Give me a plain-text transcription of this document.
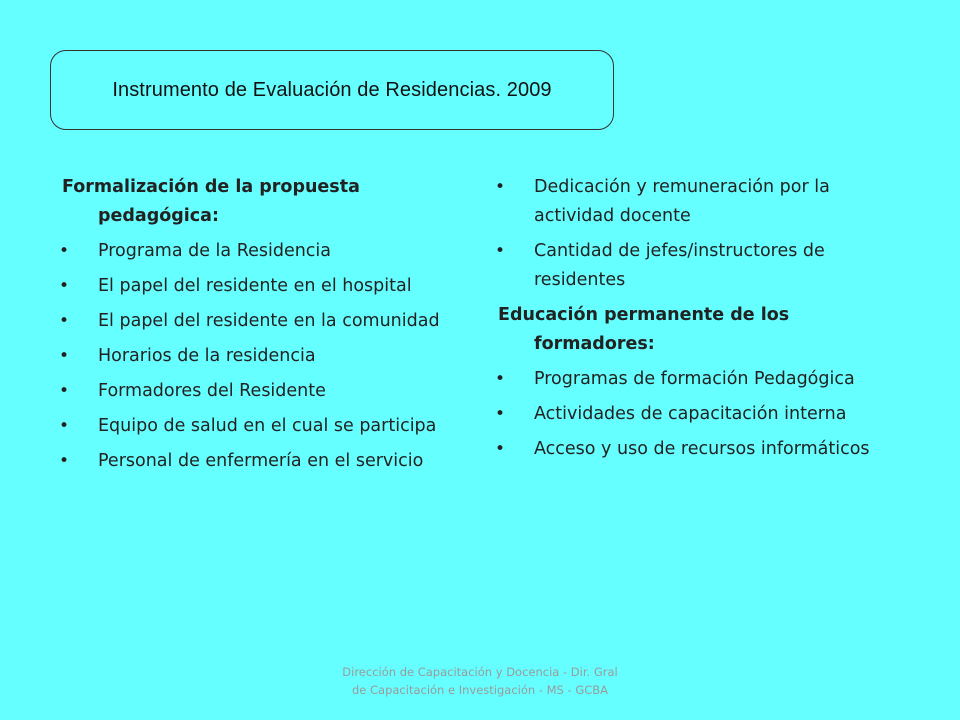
Instrumento de Evaluación de Residencias. 2009
Formalización de la propuesta pedagógica:
• Programa de la Residencia
• El papel del residente en el hospital
• El papel del residente en la comunidad
• Horarios de la residencia
• Formadores del Residente
• Equipo de salud en el cual se participa
• Personal de enfermería en el servicio
• Dedicación y remuneración por la actividad docente
• Cantidad de jefes/instructores de residentes
Educación permanente de los formadores:
• Programas de formación Pedagógica
• Actividades de capacitación interna
• Acceso y uso de recursos informáticos
Dirección de Capacitación y Docencia - Dir. Gral de Capacitación e Investigación - MS - GCBA
